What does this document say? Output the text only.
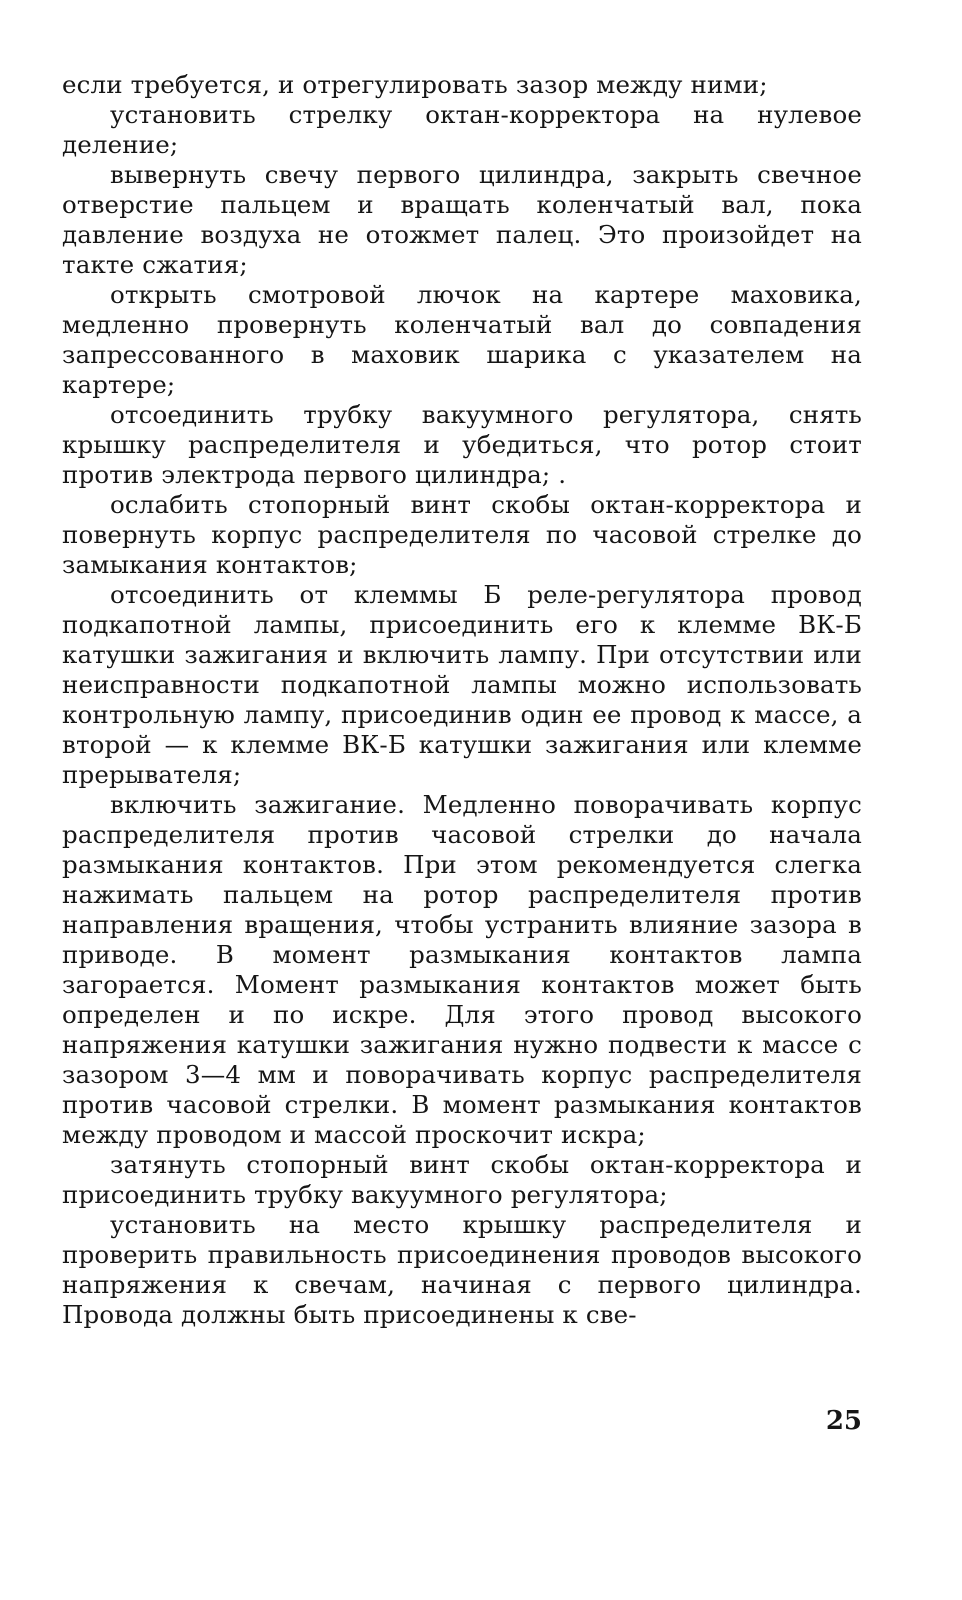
если требуется, и отрегулировать зазор между ними;

установить стрелку октан-корректора на нулевое деление;

вывернуть свечу первого цилиндра, закрыть свечное отверстие пальцем и вращать коленчатый вал, пока давление воздуха не отожмет палец. Это произойдет на такте сжатия;

открыть смотровой лючок на картере маховика, медленно провернуть коленчатый вал до совпадения запрессованного в маховик шарика с указателем на картере;

отсоединить трубку вакуумного регулятора, снять крышку распределителя и убедиться, что ротор стоит против электрода первого цилиндра; .

ослабить стопорный винт скобы октан-корректора и повернуть корпус распределителя по часовой стрелке до замыкания контактов;

отсоединить от клеммы Б реле-регулятора провод подкапотной лампы, присоединить его к клемме ВК-Б катушки зажигания и включить лампу. При отсутствии или неисправности подкапотной лампы можно использовать контрольную лампу, присоединив один ее провод к массе, а второй — к клемме ВК-Б катушки зажигания или клемме прерывателя;

включить зажигание. Медленно поворачивать корпус распределителя против часовой стрелки до начала размыкания контактов. При этом рекомендуется слегка нажимать пальцем на ротор распределителя против направления вращения, чтобы устранить влияние зазора в приводе. В момент размыкания контактов лампа загорается. Момент размыкания контактов может быть определен и по искре. Для этого провод высокого напряжения катушки зажигания нужно подвести к массе с зазором 3—4 мм и поворачивать корпус распределителя против часовой стрелки. В момент размыкания контактов между проводом и массой проскочит искра;

затянуть стопорный винт скобы октан-корректора и присоединить трубку вакуумного регулятора;

установить на место крышку распределителя и проверить правильность присоединения проводов высокого напряжения к свечам, начиная с первого цилиндра. Провода должны быть присоединены к све-

25
